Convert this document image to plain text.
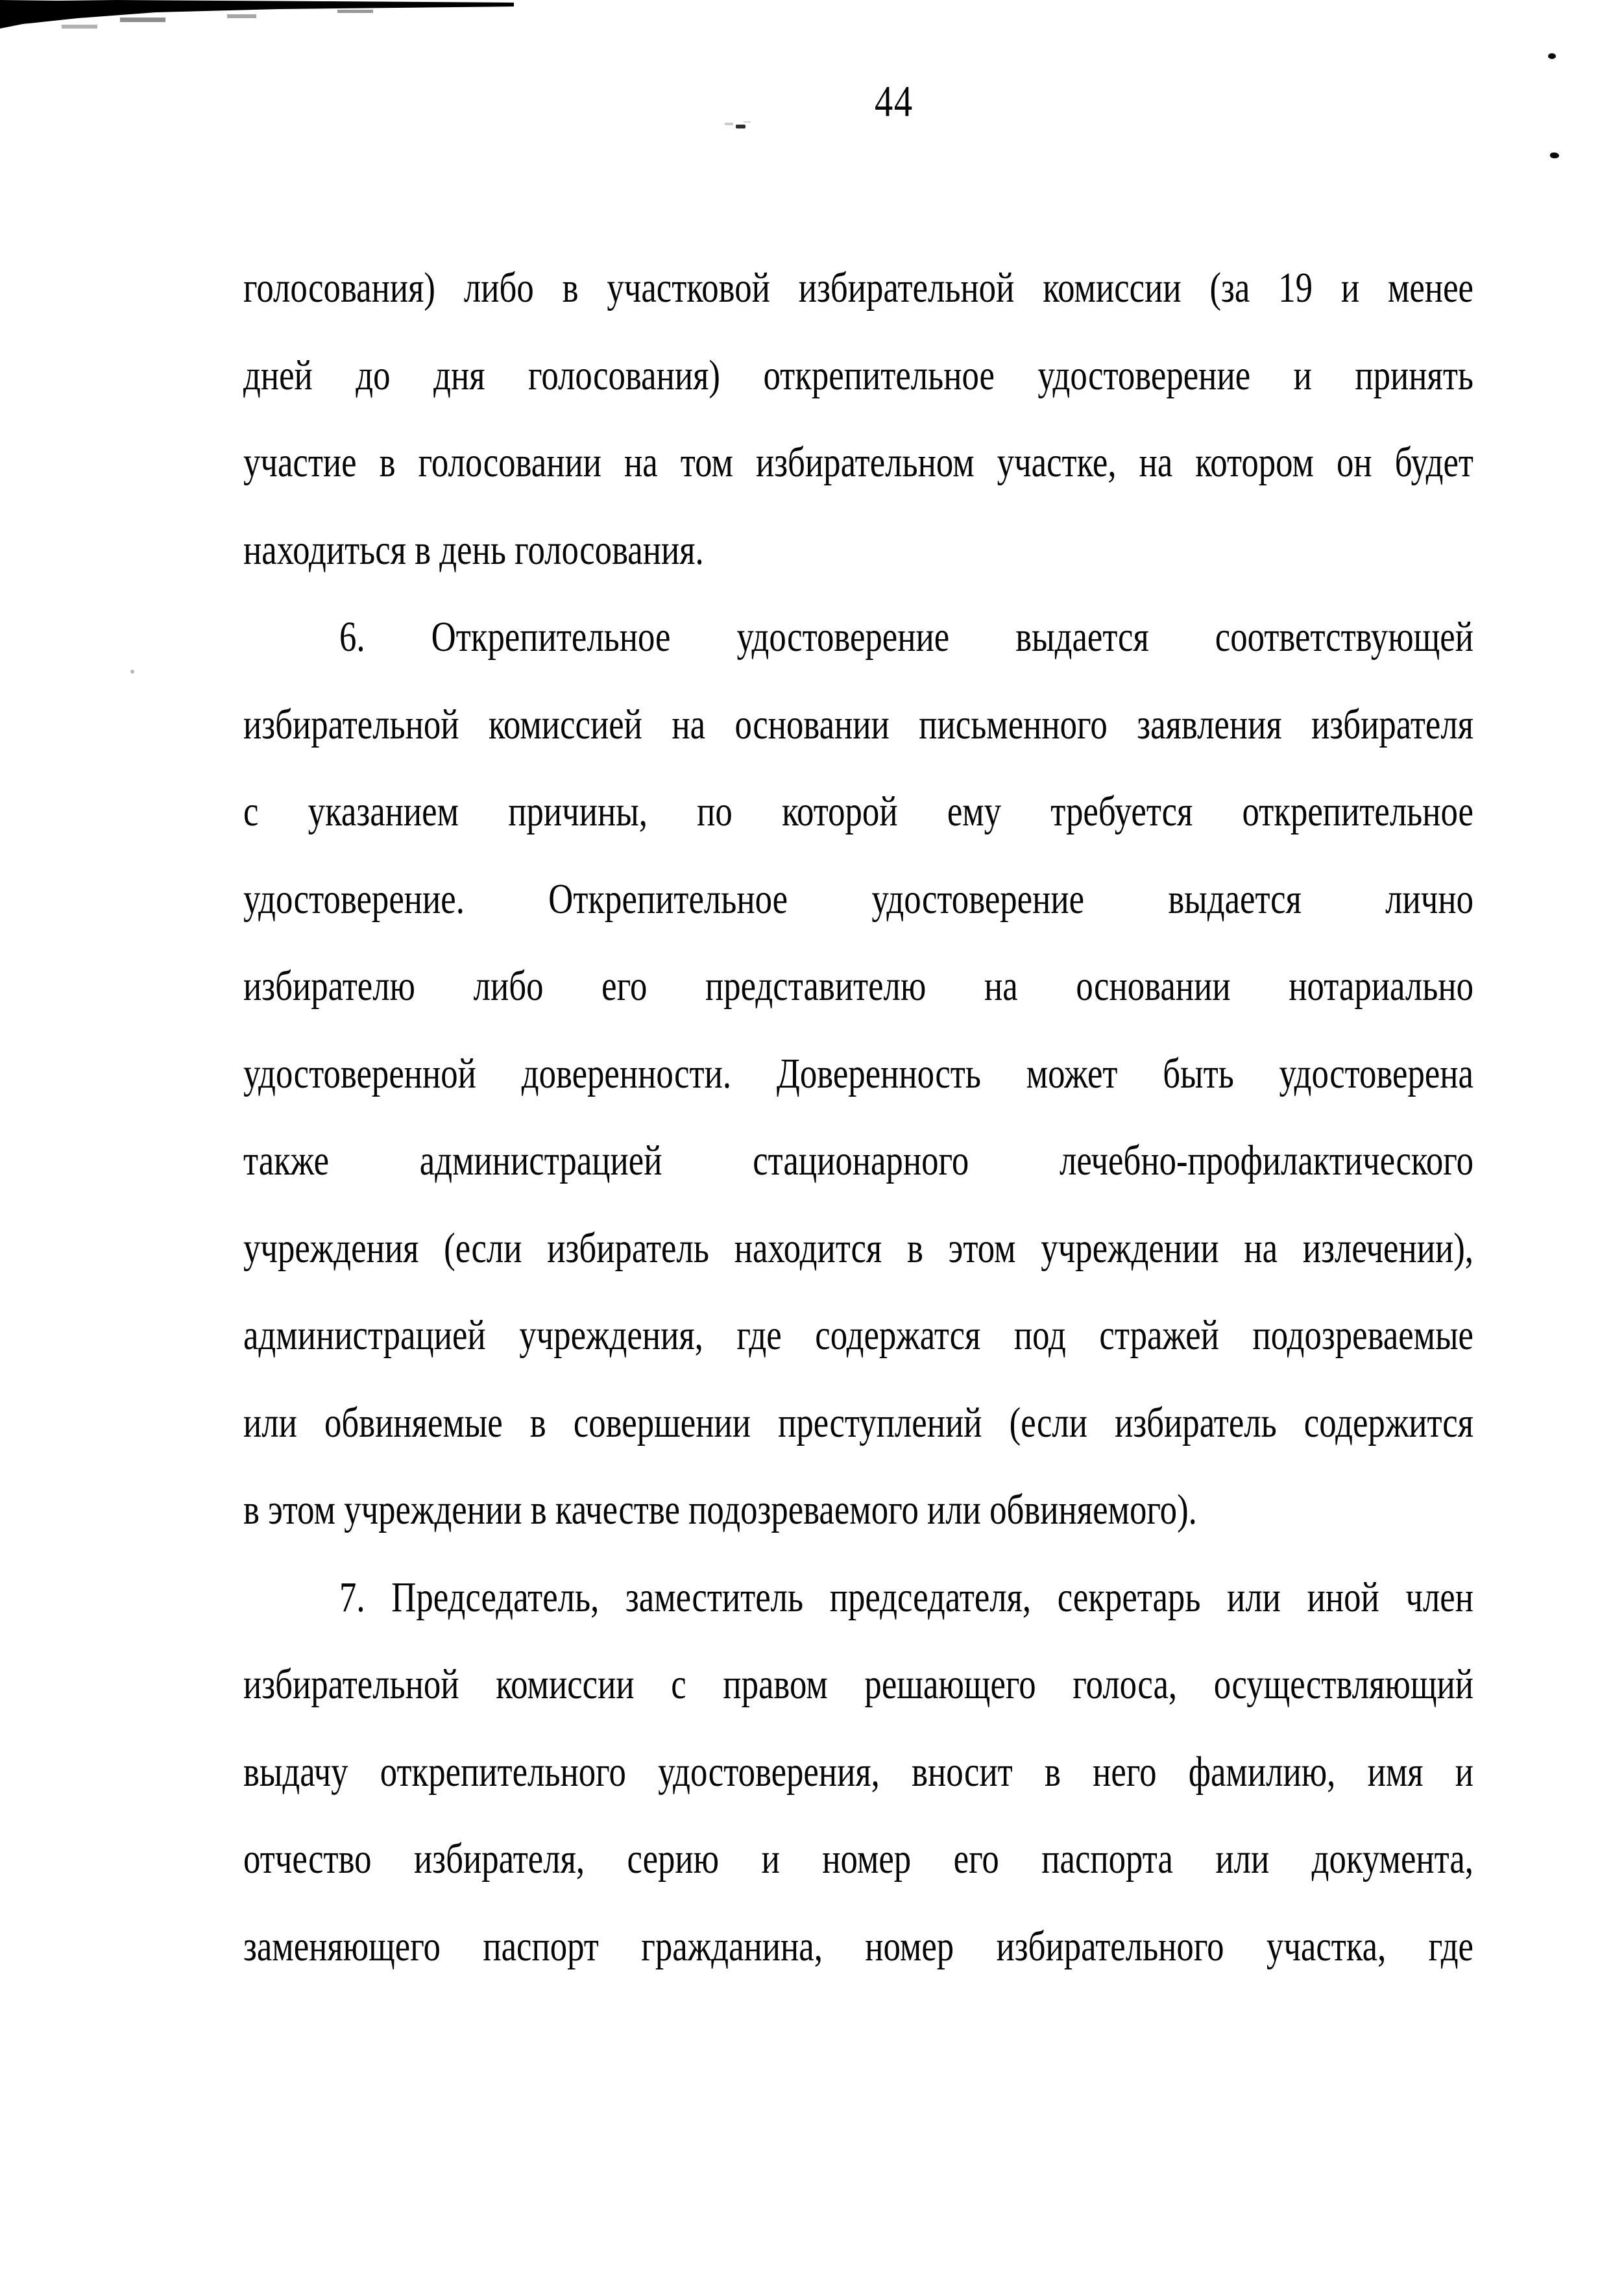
44
голосования) либо в участковой избирательной комиссии (за 19 и менее
дней до дня голосования) открепительное удостоверение и принять
участие в голосовании на том избирательном участке, на котором он будет
находиться в день голосования.
6. Открепительное удостоверение выдается соответствующей
избирательной комиссией на основании письменного заявления избирателя
с указанием причины, по которой ему требуется открепительное
удостоверение. Открепительное удостоверение выдается лично
избирателю либо его представителю на основании нотариально
удостоверенной доверенности. Доверенность может быть удостоверена
также администрацией стационарного лечебно-профилактического
учреждения (если избиратель находится в этом учреждении на излечении),
администрацией учреждения, где содержатся под стражей подозреваемые
или обвиняемые в совершении преступлений (если избиратель содержится
в этом учреждении в качестве подозреваемого или обвиняемого).
7. Председатель, заместитель председателя, секретарь или иной член
избирательной комиссии с правом решающего голоса, осуществляющий
выдачу открепительного удостоверения, вносит в него фамилию, имя и
отчество избирателя, серию и номер его паспорта или документа,
заменяющего паспорт гражданина, номер избирательного участка, где
